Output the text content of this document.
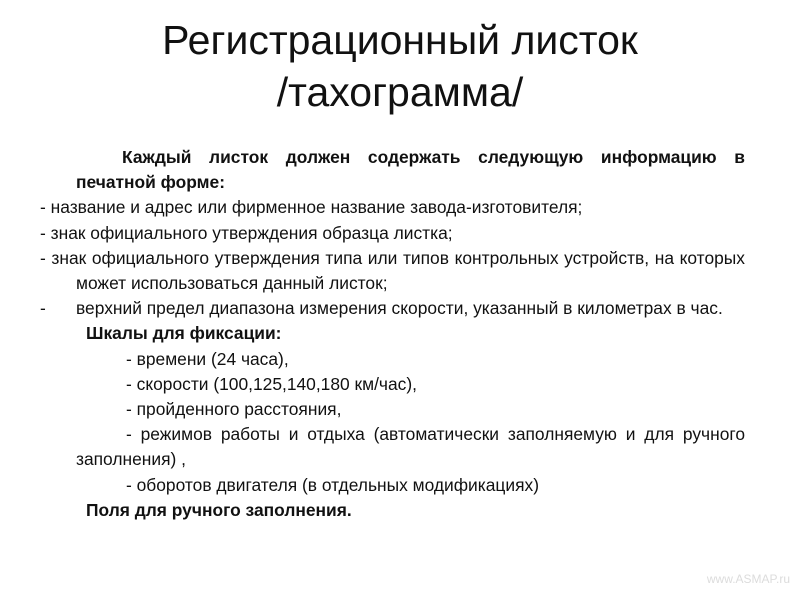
Регистрационный листок
/тахограмма/

Каждый листок должен содержать следующую информацию в печатной форме:

- название и адрес или фирменное название завода-изготовителя;

- знак официального утверждения образца листка;

- знак официального утверждения типа или типов контрольных устройств, на которых может использоваться данный листок;

-	верхний предел диапазона измерения скорости, указанный в километрах в час.

Шкалы для фиксации:

- времени (24 часа),

- скорости (100,125,140,180 км/час),

- пройденного расстояния,

- режимов работы и отдыха (автоматически заполняемую и для ручного заполнения) ,

- оборотов двигателя (в отдельных модификациях)

Поля для ручного заполнения.

www.ASMAP.ru
